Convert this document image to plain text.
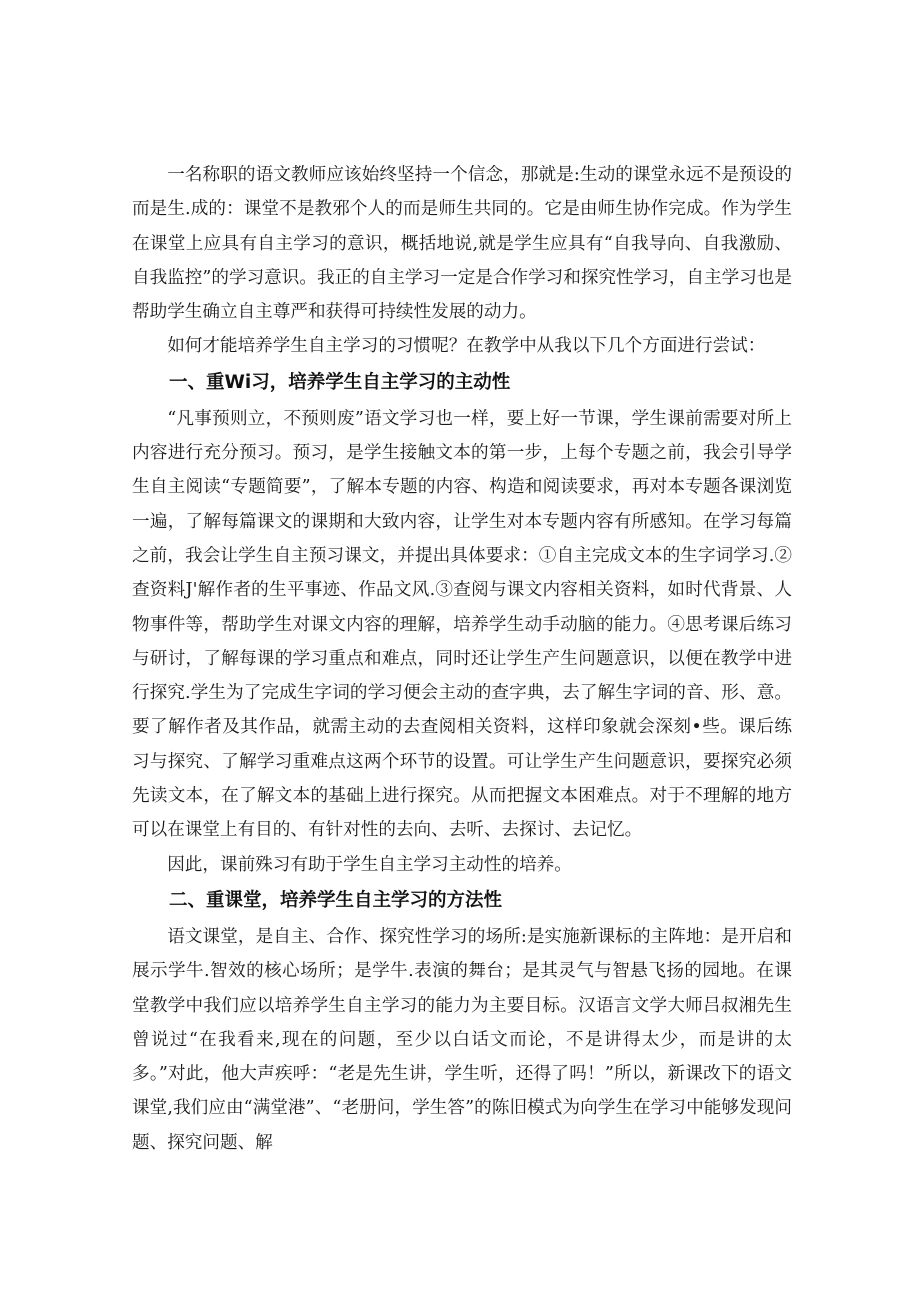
一名称职的语文教师应该始终坚持一个信念，那就是:生动的课堂永远不是预设的而是生.成的：课堂不是教邪个人的而是师生共同的。它是由师生协作完成。作为学生在课堂上应具有自主学习的意识，概括地说,就是学生应具有“自我导向、自我激励、自我监控”的学习意识。我正的自主学习一定是合作学习和探究性学习，自主学习也是帮助学生确立自主尊严和获得可持续性发展的动力。

如何才能培养学生自主学习的习惯呢？在教学中从我以下几个方面进行尝试：

一、重Wi习，培养学生自主学习的主动性

“凡事预则立，不预则废”语文学习也一样，要上好一节课，学生课前需要对所上内容进行充分预习。预习，是学生接触文本的第一步，上每个专题之前，我会引导学生自主阅读“专题简要”，了解本专题的内容、构造和阅读要求，再对本专题各课浏览一遍，了解每篇课文的课期和大致内容，让学生对本专题内容有所感知。在学习每篇之前，我会让学生自主预习课文，并提出具体要求：①自主完成文本的生字词学习.②查资料J'解作者的生平事迹、作品文风.③查阅与课文内容相关资料，如时代背景、人物事件等，帮助学生对课文内容的理解，培养学生动手动脑的能力。④思考课后练习与研讨，了解每课的学习重点和难点，同时还让学生产生问题意识，以便在教学中进行探究.学生为了完成生字词的学习便会主动的查字典，去了解生字词的音、形、意。要了解作者及其作品，就需主动的去查阅相关资料，这样印象就会深刻•些。课后练习与探究、了解学习重难点这两个环节的设置。可让学生产生问题意识，要探究必须先读文本，在了解文本的基础上进行探究。从而把握文本困难点。对于不理解的地方可以在课堂上有目的、有针对性的去向、去听、去探讨、去记忆。

因此，课前殊习有助于学生自主学习主动性的培养。

二、重课堂，培养学生自主学习的方法性

语文课堂，是自主、合作、探究性学习的场所:是实施新课标的主阵地：是开启和展示学牛.智效的核心场所；是学牛.表演的舞台；是其灵气与智悬飞扬的园地。在课堂教学中我们应以培养学生自主学习的能力为主要目标。汉语言文学大师吕叔湘先生曾说过“在我看来,现在的问题，至少以白话文而论，不是讲得太少，而是讲的太多。”对此，他大声疾呼：“老是先生讲，学生听，还得了吗！”所以，新课改下的语文课堂,我们应由“满堂港”、“老册问，学生答”的陈旧模式为向学生在学习中能够发现问题、探究问题、解
